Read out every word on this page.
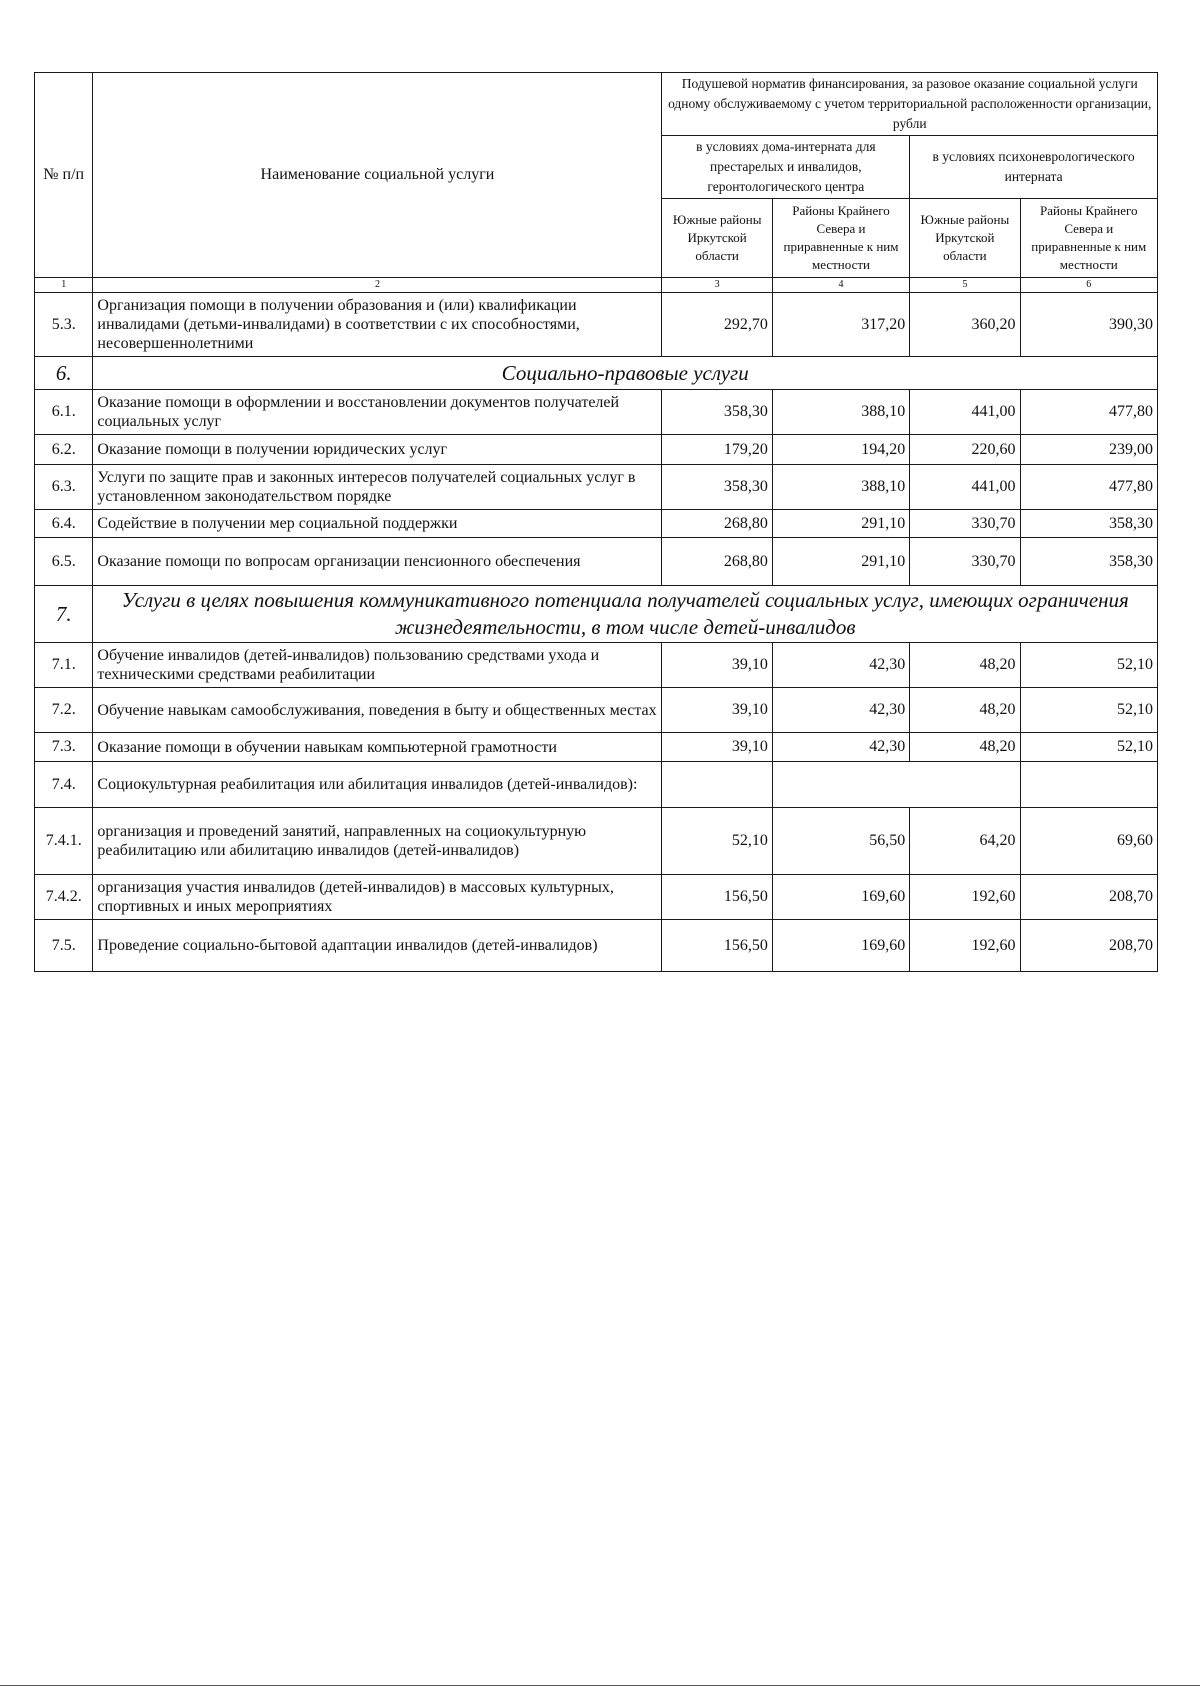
№ п/п	Наименование социальной услуги	Подушевой норматив финансирования, за разовое оказание социальной услуги одному обслуживаемому с учетом территориальной расположенности организации, рубли			
		в условиях дома-интерната для престарелых и инвалидов, геронтологического центра		в условиях психоневрологического интерната	
		Южные районы Иркутской области	Районы Крайнего Севера и приравненные к ним местности	Южные районы Иркутской области	Районы Крайнего Севера и приравненные к ним местности
1	2	3	4	5	6
5.3.	Организация помощи в получении образования и (или) квалификации инвалидами (детьми-инвалидами) в соответствии с их способностями, несовершеннолетними	292,70	317,20	360,20	390,30
6.	Социально-правовые услуги				
6.1.	Оказание помощи в оформлении и восстановлении документов получателей социальных услуг	358,30	388,10	441,00	477,80
6.2.	Оказание помощи в получении юридических услуг	179,20	194,20	220,60	239,00
6.3.	Услуги по защите прав и законных интересов получателей социальных услуг в установленном законодательством порядке	358,30	388,10	441,00	477,80
6.4.	Содействие в получении мер социальной поддержки	268,80	291,10	330,70	358,30
6.5.	Оказание помощи по вопросам организации пенсионного обеспечения	268,80	291,10	330,70	358,30
7.	Услуги в целях повышения коммуникативного потенциала получателей социальных услуг, имеющих ограничения жизнедеятельности, в том числе детей-инвалидов				
7.1.	Обучение инвалидов (детей-инвалидов) пользованию средствами ухода и техническими средствами реабилитации	39,10	42,30	48,20	52,10
7.2.	Обучение навыкам самообслуживания, поведения в быту и общественных местах	39,10	42,30	48,20	52,10
7.3.	Оказание помощи в обучении навыкам компьютерной грамотности	39,10	42,30	48,20	52,10
7.4.	Социокультурная реабилитация или абилитация инвалидов (детей-инвалидов):				
7.4.1.	организация и проведений занятий, направленных на социокультурную реабилитацию или абилитацию инвалидов (детей-инвалидов)	52,10	56,50	64,20	69,60
7.4.2.	организация участия инвалидов (детей-инвалидов) в массовых культурных, спортивных и иных мероприятиях	156,50	169,60	192,60	208,70
7.5.	Проведение социально-бытовой адаптации инвалидов (детей-инвалидов)	156,50	169,60	192,60	208,70
